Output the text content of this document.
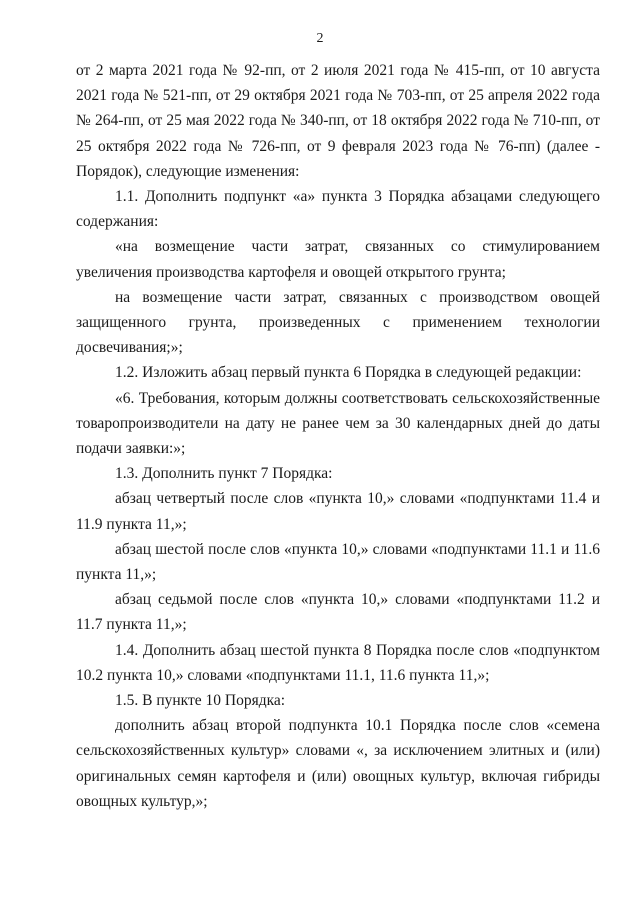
2

от 2 марта 2021 года № 92-пп, от 2 июля 2021 года № 415-пп, от 10 августа 2021 года № 521-пп, от 29 октября 2021 года № 703-пп, от 25 апреля 2022 года № 264-пп, от 25 мая 2022 года № 340-пп, от 18 октября 2022 года № 710-пп, от 25 октября 2022 года № 726-пп, от 9 февраля 2023 года № 76-пп) (далее - Порядок), следующие изменения:

1.1. Дополнить подпункт «а» пункта 3 Порядка абзацами следующего содержания:

«на возмещение части затрат, связанных со стимулированием увеличения производства картофеля и овощей открытого грунта;

на возмещение части затрат, связанных с производством овощей защищенного грунта, произведенных с применением технологии досвечивания;»;

1.2. Изложить абзац первый пункта 6 Порядка в следующей редакции:

«6. Требования, которым должны соответствовать сельскохозяйственные товаропроизводители на дату не ранее чем за 30 календарных дней до даты подачи заявки:»;

1.3. Дополнить пункт 7 Порядка:

абзац четвертый после слов «пункта 10,» словами «подпунктами 11.4 и 11.9 пункта 11,»;

абзац шестой после слов «пункта 10,» словами «подпунктами 11.1 и 11.6 пункта 11,»;

абзац седьмой после слов «пункта 10,» словами «подпунктами 11.2 и 11.7 пункта 11,»;

1.4. Дополнить абзац шестой пункта 8 Порядка после слов «подпунктом 10.2 пункта 10,» словами «подпунктами 11.1, 11.6 пункта 11,»;

1.5. В пункте 10 Порядка:

дополнить абзац второй подпункта 10.1 Порядка после слов «семена сельскохозяйственных культур» словами «, за исключением элитных и (или) оригинальных семян картофеля и (или) овощных культур, включая гибриды овощных культур,»;
